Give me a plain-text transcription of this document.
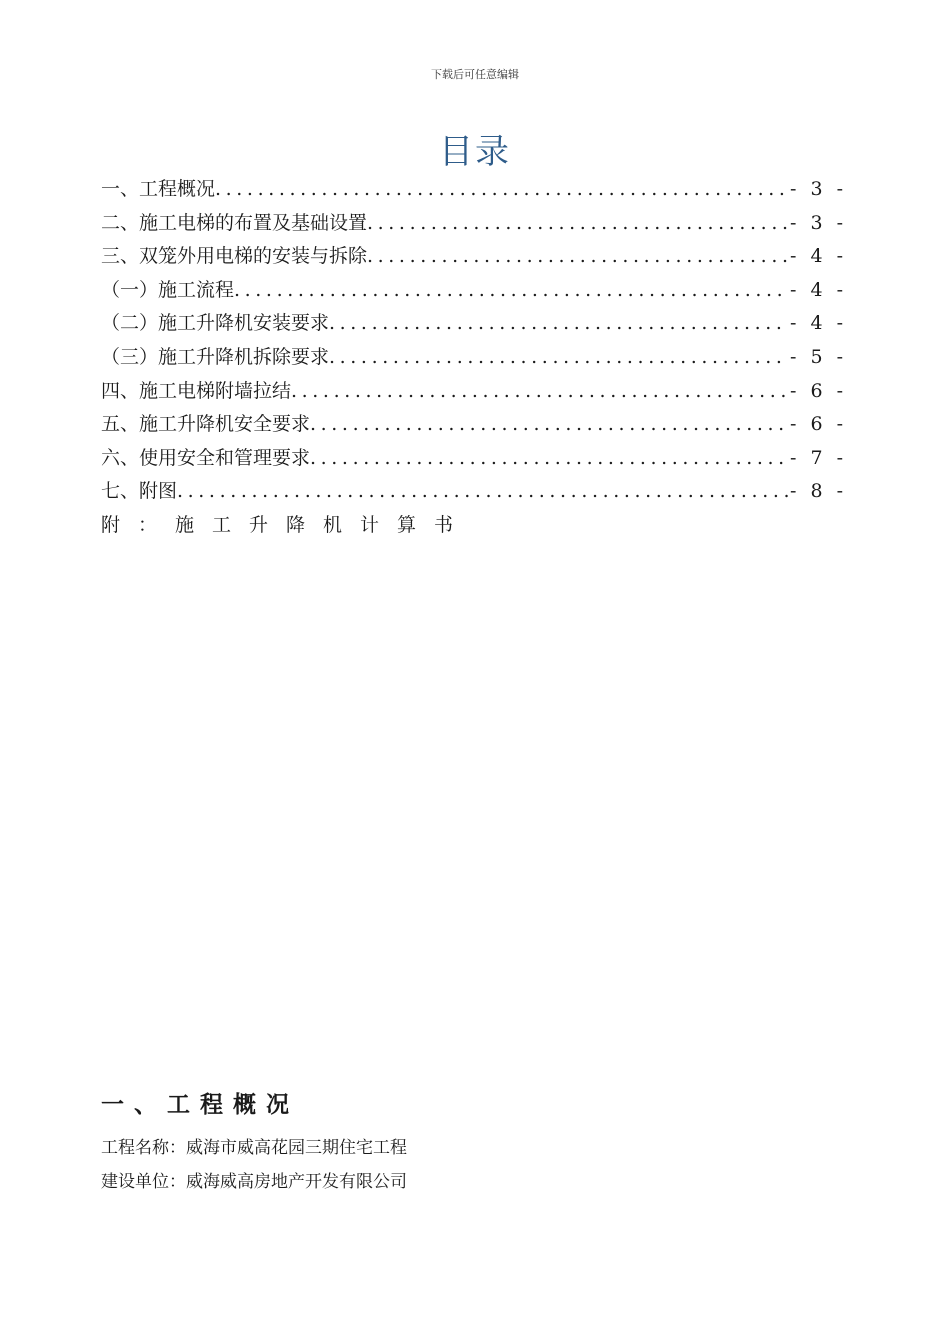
下载后可任意编辑
目录
一、工程概况 .....	- 3 -
二、施工电梯的布置及基础设置 .....	- 3 -
三、双笼外用电梯的安装与拆除 .....	- 4 -
（一）施工流程 .....	- 4 -
（二）施工升降机安装要求 .....	- 4 -
（三）施工升降机拆除要求 .....	- 5 -
四、施工电梯附墙拉结 .....	- 6 -
五、施工升降机安全要求 .....	- 6 -
六、使用安全和管理要求 .....	- 7 -
七、附图 .....	- 8 -
附：施工升降机计算书
一、工程概况
工程名称：威海市威高花园三期住宅工程
建设单位：威海威高房地产开发有限公司
